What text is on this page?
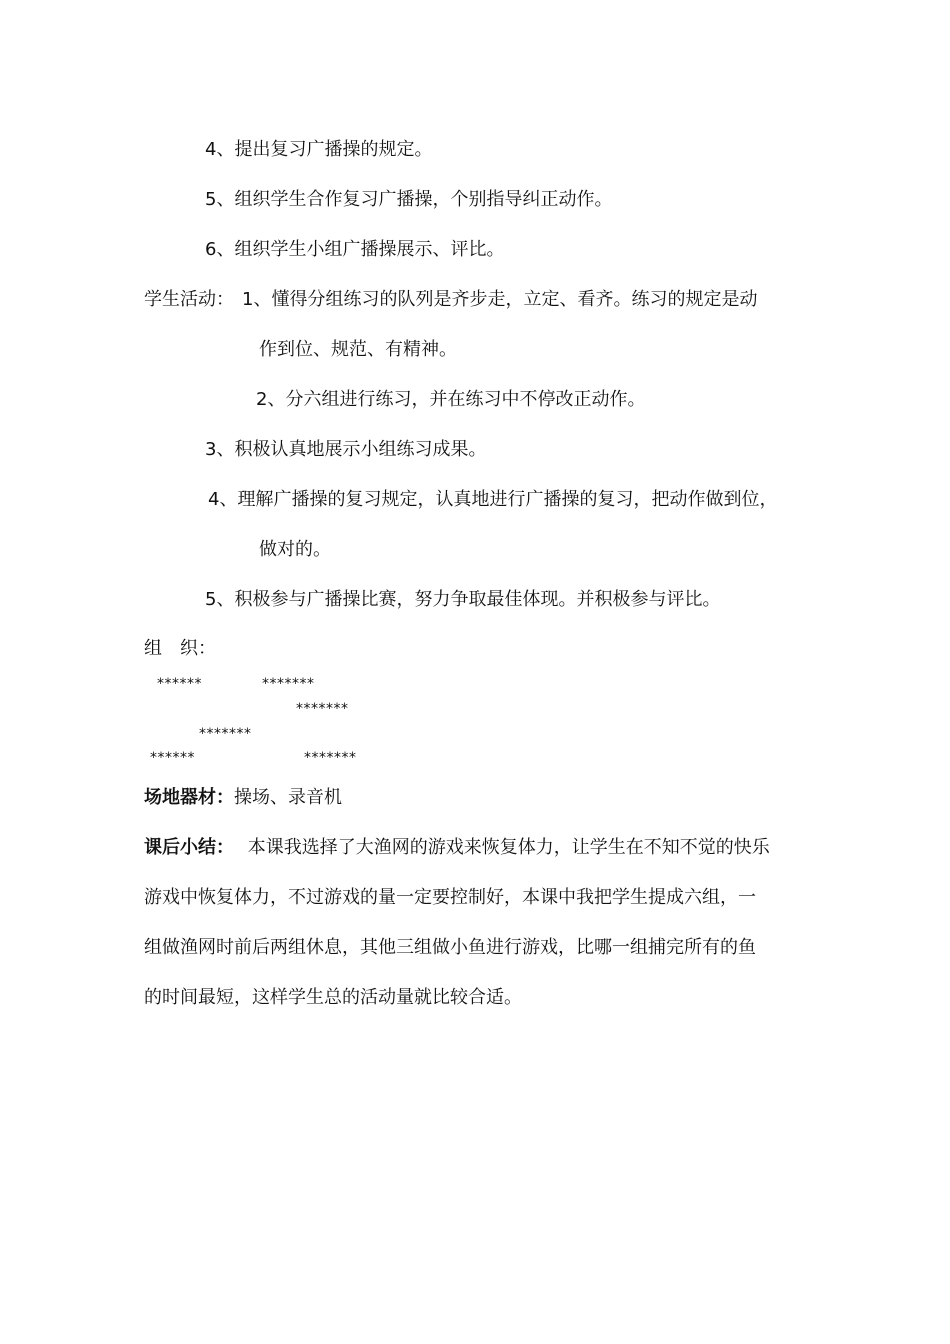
4、提出复习广播操的规定。
5、组织学生合作复习广播操，个别指导纠正动作。
6、组织学生小组广播操展示、评比。
学生活动： 1、懂得分组练习的队列是齐步走，立定、看齐。练习的规定是动
作到位、规范、有精神。
2、分六组进行练习，并在练习中不停改正动作。
3、积极认真地展示小组练习成果。
4、理解广播操的复习规定，认真地进行广播操的复习，把动作做到位，
做对的。
5、积极参与广播操比赛，努力争取最佳体现。并积极参与评比。
组　织：
******	*******
*******
*******
******	*******
场地器材：操场、录音机
课后小结： 本课我选择了大渔网的游戏来恢复体力，让学生在不知不觉的快乐
游戏中恢复体力，不过游戏的量一定要控制好，本课中我把学生提成六组，一
组做渔网时前后两组休息，其他三组做小鱼进行游戏，比哪一组捕完所有的鱼
的时间最短，这样学生总的活动量就比较合适。
